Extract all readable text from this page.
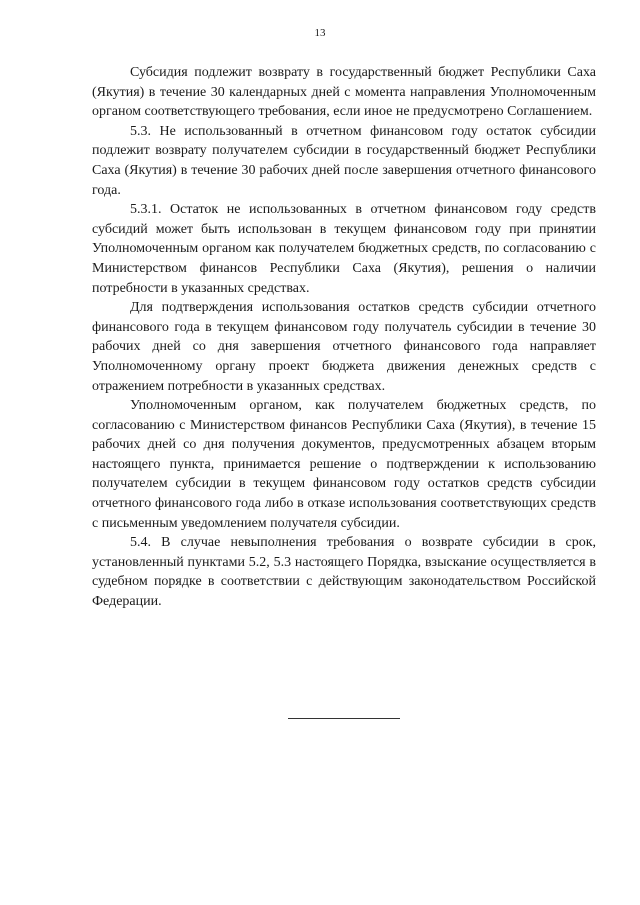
13

Субсидия подлежит возврату в государственный бюджет Республики Саха (Якутия) в течение 30 календарных дней с момента направления Уполномоченным органом соответствующего требования, если иное не предусмотрено Соглашением.

5.3. Не использованный в отчетном финансовом году остаток субсидии подлежит возврату получателем субсидии в государственный бюджет Республики Саха (Якутия) в течение 30 рабочих дней после завершения отчетного финансового года.

5.3.1. Остаток не использованных в отчетном финансовом году средств субсидий может быть использован в текущем финансовом году при принятии Уполномоченным органом как получателем бюджетных средств, по согласованию с Министерством финансов Республики Саха (Якутия), решения о наличии потребности в указанных средствах.

Для подтверждения использования остатков средств субсидии отчетного финансового года в текущем финансовом году получатель субсидии в течение 30 рабочих дней со дня завершения отчетного финансового года направляет Уполномоченному органу проект бюджета движения денежных средств с отражением потребности в указанных средствах.

Уполномоченным органом, как получателем бюджетных средств, по согласованию с Министерством финансов Республики Саха (Якутия), в течение 15 рабочих дней со дня получения документов, предусмотренных абзацем вторым настоящего пункта, принимается решение о подтверждении к использованию получателем субсидии в текущем финансовом году остатков средств субсидии отчетного финансового года либо в отказе использования соответствующих средств с письменным уведомлением получателя субсидии.

5.4. В случае невыполнения требования о возврате субсидии в срок, установленный пунктами 5.2, 5.3 настоящего Порядка, взыскание осуществляется в судебном порядке в соответствии с действующим законодательством Российской Федерации.
